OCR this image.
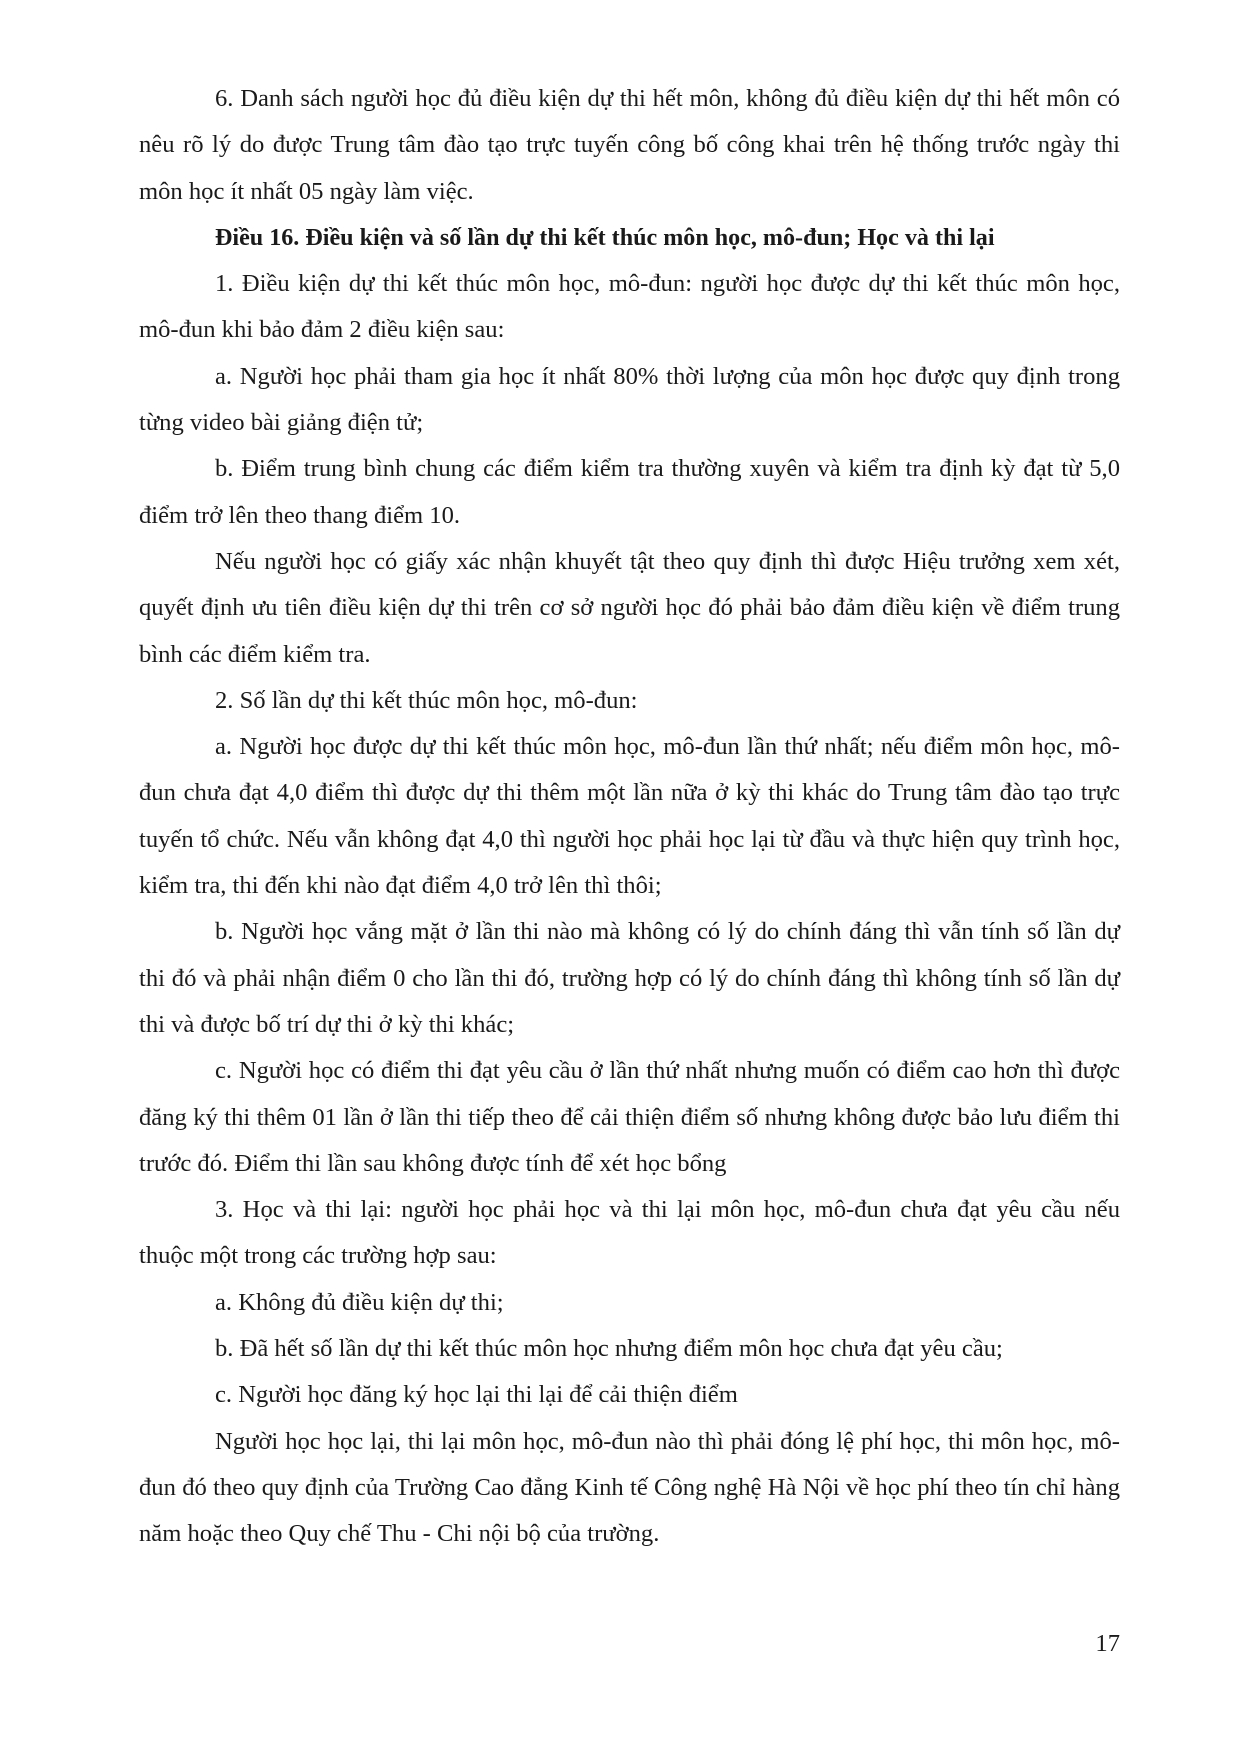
6. Danh sách người học đủ điều kiện dự thi hết môn, không đủ điều kiện dự thi hết môn có nêu rõ lý do được Trung tâm đào tạo trực tuyến công bố công khai trên hệ thống trước ngày thi môn học ít nhất 05 ngày làm việc.

Điều 16. Điều kiện và số lần dự thi kết thúc môn học, mô-đun; Học và thi lại

1. Điều kiện dự thi kết thúc môn học, mô-đun: người học được dự thi kết thúc môn học, mô-đun khi bảo đảm 2 điều kiện sau:

a. Người học phải tham gia học ít nhất 80% thời lượng của môn học được quy định trong từng video bài giảng điện tử;

b. Điểm trung bình chung các điểm kiểm tra thường xuyên và kiểm tra định kỳ đạt từ 5,0 điểm trở lên theo thang điểm 10.

Nếu người học có giấy xác nhận khuyết tật theo quy định thì được Hiệu trưởng xem xét, quyết định ưu tiên điều kiện dự thi trên cơ sở người học đó phải bảo đảm điều kiện về điểm trung bình các điểm kiểm tra.

2. Số lần dự thi kết thúc môn học, mô-đun:

a. Người học được dự thi kết thúc môn học, mô-đun lần thứ nhất; nếu điểm môn học, mô-đun chưa đạt 4,0 điểm thì được dự thi thêm một lần nữa ở kỳ thi khác do Trung tâm đào tạo trực tuyến tổ chức. Nếu vẫn không đạt 4,0 thì người học phải học lại từ đầu và thực hiện quy trình học, kiểm tra, thi đến khi nào đạt điểm 4,0 trở lên thì thôi;

b. Người học vắng mặt ở lần thi nào mà không có lý do chính đáng thì vẫn tính số lần dự thi đó và phải nhận điểm 0 cho lần thi đó, trường hợp có lý do chính đáng thì không tính số lần dự thi và được bố trí dự thi ở kỳ thi khác;

c. Người học có điểm thi đạt yêu cầu ở lần thứ nhất nhưng muốn có điểm cao hơn thì được đăng ký thi thêm 01 lần ở lần thi tiếp theo để cải thiện điểm số nhưng không được bảo lưu điểm thi trước đó. Điểm thi lần sau không được tính để xét học bổng

3. Học và thi lại: người học phải học và thi lại môn học, mô-đun chưa đạt yêu cầu nếu thuộc một trong các trường hợp sau:

a. Không đủ điều kiện dự thi;

b. Đã hết số lần dự thi kết thúc môn học nhưng điểm môn học chưa đạt yêu cầu;

c. Người học đăng ký học lại thi lại để cải thiện điểm

Người học học lại, thi lại môn học, mô-đun nào thì phải đóng lệ phí học, thi môn học, mô-đun đó theo quy định của Trường Cao đẳng Kinh tế Công nghệ Hà Nội về học phí theo tín chỉ hàng năm hoặc theo Quy chế Thu - Chi nội bộ của trường.

17
